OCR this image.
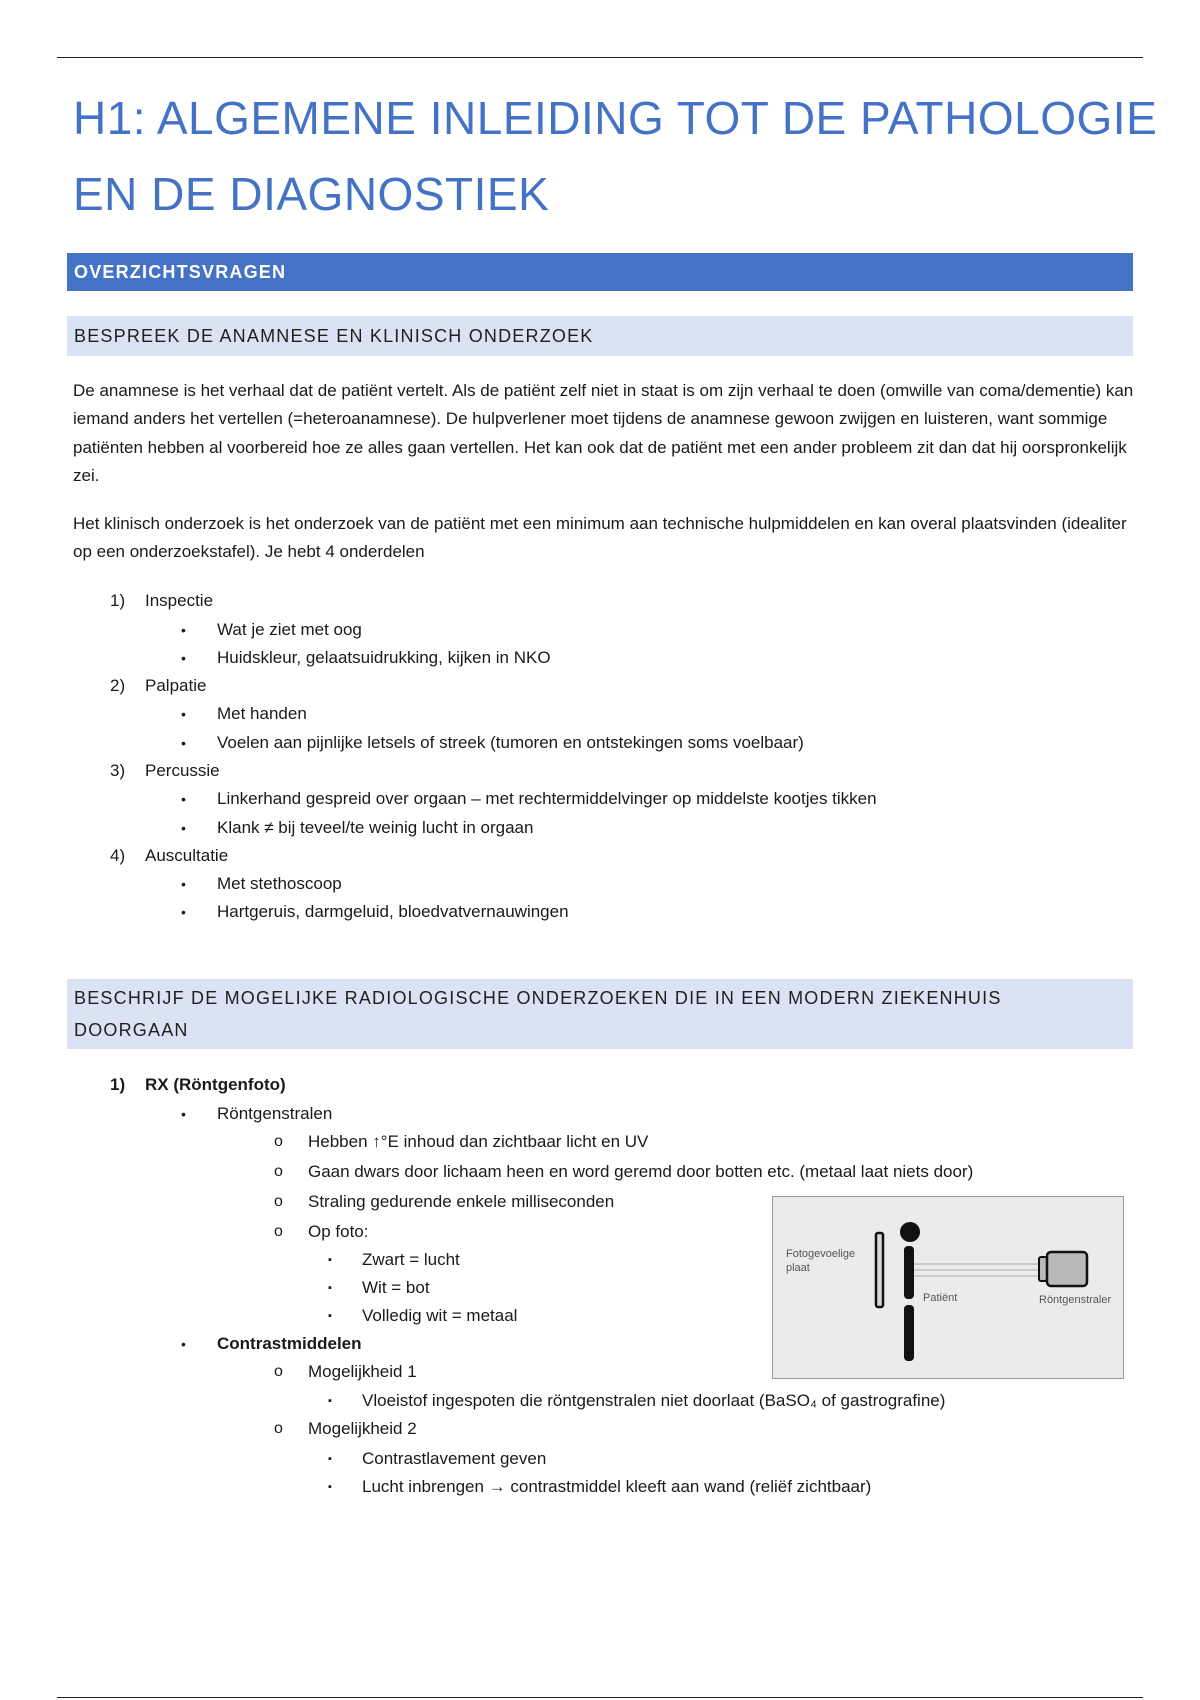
H1: ALGEMENE INLEIDING TOT DE PATHOLOGIE
EN DE DIAGNOSTIEK
OVERZICHTSVRAGEN
BESPREEK DE ANAMNESE EN KLINISCH ONDERZOEK
De anamnese is het verhaal dat de patiënt vertelt. Als de patiënt zelf niet in staat is om zijn verhaal te doen (omwille van coma/dementie) kan iemand anders het vertellen (=heteroanamnese). De hulpverlener moet tijdens de anamnese gewoon zwijgen en luisteren, want sommige patiënten hebben al voorbereid hoe ze alles gaan vertellen. Het kan ook dat de patiënt met een ander probleem zit dan dat hij oorspronkelijk zei.
Het klinisch onderzoek is het onderzoek van de patiënt met een minimum aan technische hulpmiddelen en kan overal plaatsvinden (idealiter op een onderzoekstafel). Je hebt 4 onderdelen
1) Inspectie
• Wat je ziet met oog
• Huidskleur, gelaatsuidrukking, kijken in NKO
2) Palpatie
• Met handen
• Voelen aan pijnlijke letsels of streek (tumoren en ontstekingen soms voelbaar)
3) Percussie
• Linkerhand gespreid over orgaan – met rechtermiddelvinger op middelste kootjes tikken
• Klank ≠ bij teveel/te weinig lucht in orgaan
4) Auscultatie
• Met stethoscoop
• Hartgeruis, darmgeluid, bloedvatvernauwingen
BESCHRIJF DE MOGELIJKE RADIOLOGISCHE ONDERZOEKEN DIE IN EEN MODERN ZIEKENHUIS
DOORGAAN
1) RX (Röntgenfoto)
• Röntgenstralen
o Hebben ↑°E inhoud dan zichtbaar licht en UV
o Gaan dwars door lichaam heen en word geremd door botten etc. (metaal laat niets door)
o Straling gedurende enkele milliseconden
o Op foto:
▪ Zwart = lucht
▪ Wit = bot
▪ Volledig wit = metaal
• Contrastmiddelen
o Mogelijkheid 1
▪ Vloeistof ingespoten die röntgenstralen niet doorlaat (BaSO₄ of gastrografine)
o Mogelijkheid 2
▪ Contrastlavement geven
▪ Lucht inbrengen → contrastmiddel kleeft aan wand (reliëf zichtbaar)
Fotogevoelige
plaat
Patiënt	Röntgenstraler
